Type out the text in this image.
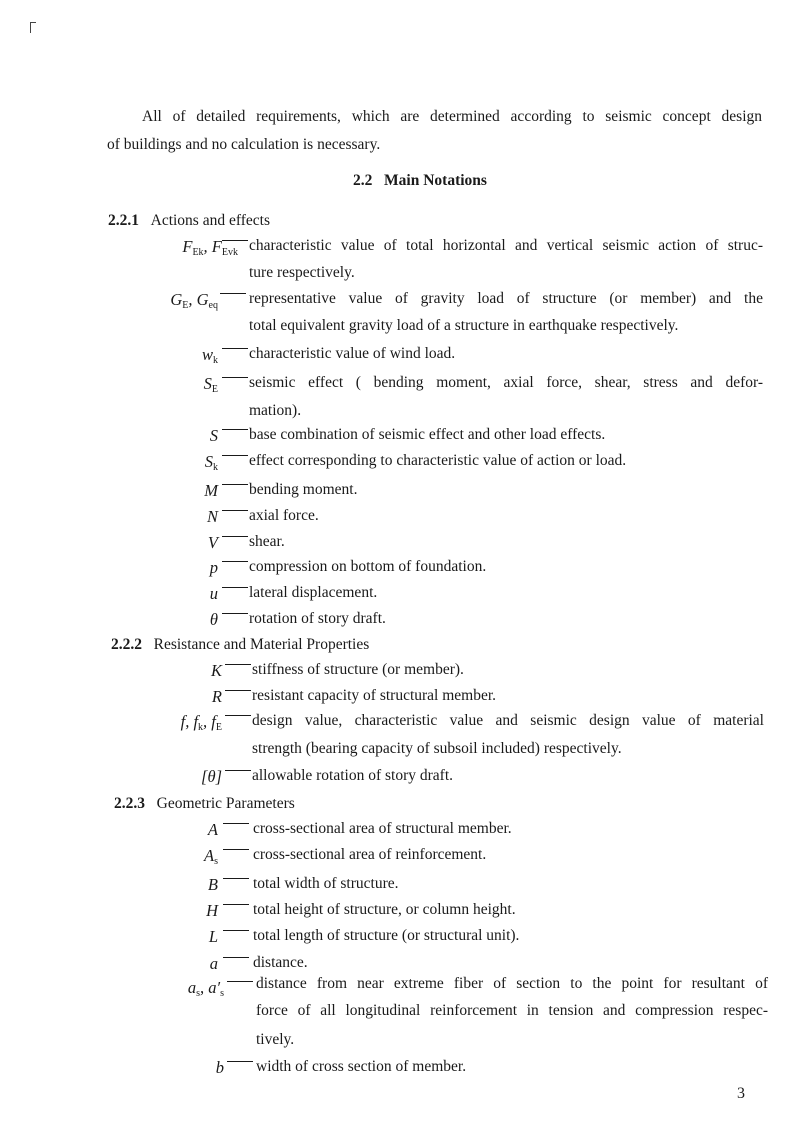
All of detailed requirements, which are determined according to seismic concept design
of buildings and no calculation is necessary.
2.2 Main Notations
2.2.1 Actions and effects
$F_{Ek}$, $F_{Evk}$ characteristic value of total horizontal and vertical seismic action of struc-
ture respectively.
$G_E$, $G_{eq}$ representative value of gravity load of structure (or member) and the
total equivalent gravity load of a structure in earthquake respectively.
$w_k$ characteristic value of wind load.
$S_E$ seismic effect ( bending moment, axial force, shear, stress and defor-
mation).
S base combination of seismic effect and other load effects.
$S_k$ effect corresponding to characteristic value of action or load.
M bending moment.
N axial force.
V shear.
p compression on bottom of foundation.
u lateral displacement.
θ rotation of story draft.
2.2.2 Resistance and Material Properties
K stiffness of structure (or member).
R resistant capacity of structural member.
f, $f_k$, $f_E$ design value, characteristic value and seismic design value of material
strength (bearing capacity of subsoil included) respectively.
[θ] allowable rotation of story draft.
2.2.3 Geometric Parameters
A cross-sectional area of structural member.
$A_s$ cross-sectional area of reinforcement.
B total width of structure.
H total height of structure, or column height.
L total length of structure (or structural unit).
a distance.
$a_s$, $a'_s$
distance from near extreme fiber of section to the point for resultant of
force of all longitudinal reinforcement in tension and compression respec-
tively.
b width of cross section of member.
3
